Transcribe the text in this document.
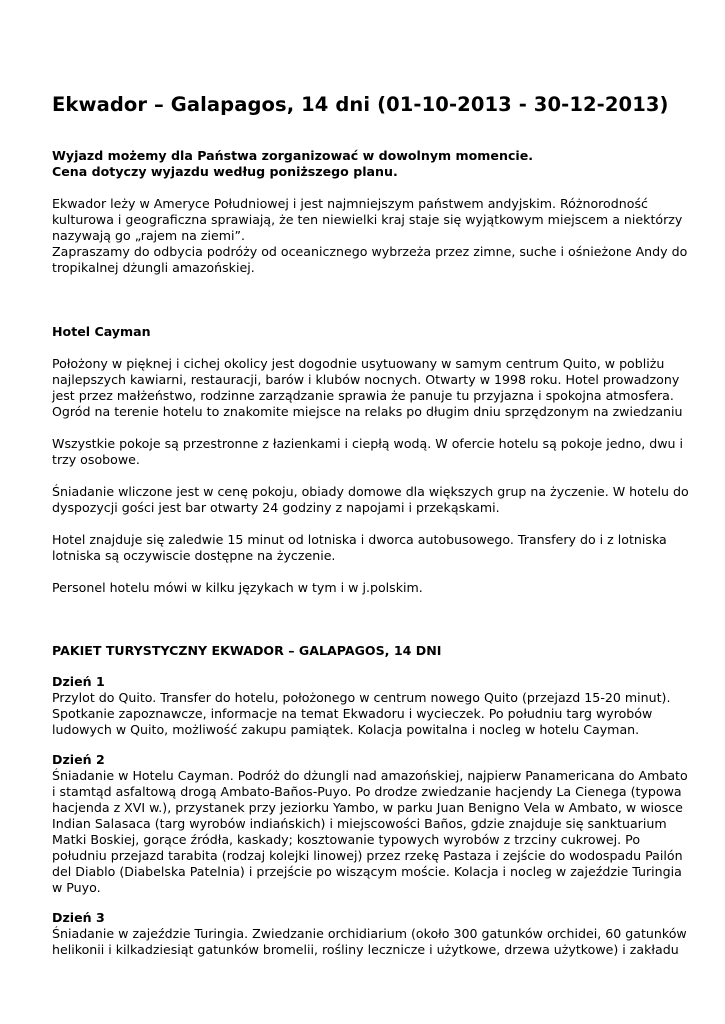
Ekwador – Galapagos, 14 dni (01-10-2013 - 30-12-2013)
Wyjazd możemy dla Państwa zorganizować w dowolnym momencie.
Cena dotyczy wyjazdu według poniższego planu.
Ekwador leży w Ameryce Południowej i jest najmniejszym państwem andyjskim. Różnorodność
kulturowa i geograficzna sprawiają, że ten niewielki kraj staje się wyjątkowym miejscem a niektórzy
nazywają go „rajem na ziemi”.
Zapraszamy do odbycia podróży od oceanicznego wybrzeża przez zimne, suche i ośnieżone Andy do
tropikalnej dżungli amazońskiej.
Hotel Cayman
Położony w pięknej i cichej okolicy jest dogodnie usytuowany w samym centrum Quito, w pobliżu
najlepszych kawiarni, restauracji, barów i klubów nocnych. Otwarty w 1998 roku. Hotel prowadzony
jest przez małżeństwo, rodzinne zarządzanie sprawia że panuje tu przyjazna i spokojna atmosfera.
Ogród na terenie hotelu to znakomite miejsce na relaks po długim dniu sprzędzonym na zwiedzaniu
Wszystkie pokoje są przestronne z łazienkami i ciepłą wodą. W ofercie hotelu są pokoje jedno, dwu i
trzy osobowe.
Śniadanie wliczone jest w cenę pokoju, obiady domowe dla większych grup na życzenie. W hotelu do
dyspozycji gości jest bar otwarty 24 godziny z napojami i przekąskami.
Hotel znajduje się zaledwie 15 minut od lotniska i dworca autobusowego. Transfery do i z lotniska
lotniska są oczywiscie dostępne na życzenie.
Personel hotelu mówi w kilku językach w tym i w j.polskim.
PAKIET TURYSTYCZNY EKWADOR – GALAPAGOS, 14 DNI
Dzień 1
Przylot do Quito. Transfer do hotelu, położonego w centrum nowego Quito (przejazd 15-20 minut).
Spotkanie zapoznawcze, informacje na temat Ekwadoru i wycieczek. Po południu targ wyrobów
ludowych w Quito, możliwość zakupu pamiątek. Kolacja powitalna i nocleg w hotelu Cayman.
Dzień 2
Śniadanie w Hotelu Cayman. Podróż do dżungli nad amazońskiej, najpierw Panamericana do Ambato
i stamtąd asfaltową drogą Ambato-Baños-Puyo. Po drodze zwiedzanie hacjendy La Cienega (typowa
hacjenda z XVI w.), przystanek przy jeziorku Yambo, w parku Juan Benigno Vela w Ambato, w wiosce
Indian Salasaca (targ wyrobów indiańskich) i miejscowości Baños, gdzie znajduje się sanktuarium
Matki Boskiej, gorące źródła, kaskady; kosztowanie typowych wyrobów z trzciny cukrowej. Po
południu przejazd tarabita (rodzaj kolejki linowej) przez rzekę Pastaza i zejście do wodospadu Pailón
del Diablo (Diabelska Patelnia) i przejście po wiszącym moście. Kolacja i nocleg w zajeździe Turingia
w Puyo.
Dzień 3
Śniadanie w zajeździe Turingia. Zwiedzanie orchidiarium (około 300 gatunków orchidei, 60 gatunków
helikonii i kilkadziesiąt gatunków bromelii, rośliny lecznicze i użytkowe, drzewa użytkowe) i zakładu
